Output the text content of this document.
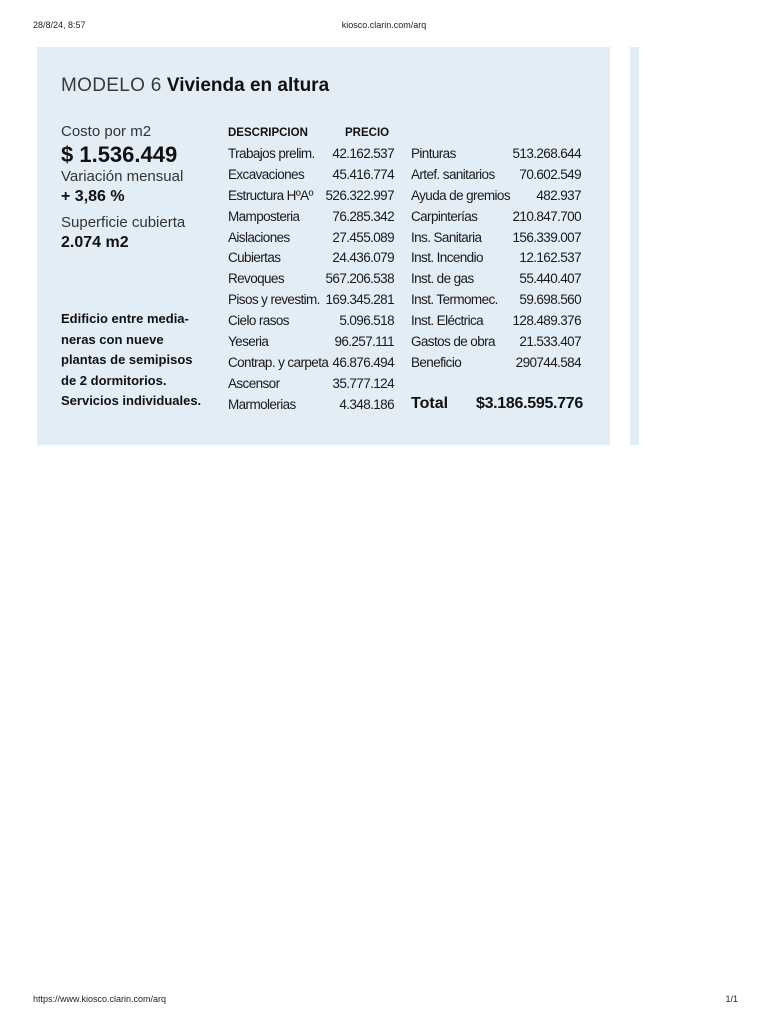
28/8/24, 8:57	kiosco.clarin.com/arq
MODELO 6 Vivienda en altura
Costo por m2
$ 1.536.449
Variación mensual
+ 3,86 %
Superficie cubierta
2.074 m2
Edificio entre media-
neras con nueve
plantas de semipisos
de 2 dormitorios.
Servicios individuales.
DESCRIPCION	PRECIO
Trabajos prelim. 42.162.537
Excavaciones 45.416.774
Estructura HºAº 526.322.997
Mamposteria 76.285.342
Aislaciones	27.455.089
Cubiertas	24.436.079
Revoques	567.206.538
Pisos y revestim. 169.345.281
Cielo rasos	5.096.518
Yeseria	96.257.111
Contrap. y carpeta 46.876.494
Ascensor	35.777.124
Marmolerias	4.348.186
Pinturas	513.268.644
Artef. sanitarios 70.602.549
Ayuda de gremios 482.937
Carpinterías	210.847.700
Ins. Sanitaria 156.339.007
Inst. Incendio	12.162.537
Inst. de gas	55.440.407
Inst. Termomec. 59.698.560
Inst. Eléctrica 128.489.376
Gastos de obra 21.533.407
Beneficio	290744.584
Total $3.186.595.776
https://www.kiosco.clarin.com/arq	1/1
